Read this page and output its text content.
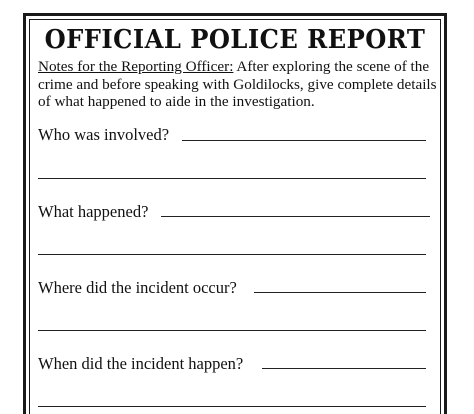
OFFICIAL POLICE REPORT
Notes for the Reporting Officer: After exploring the scene of the crime and before speaking with Goldilocks, give complete details of what happened to aide in the investigation.
Who was involved?
What happened?
Where did the incident occur?
When did the incident happen?
